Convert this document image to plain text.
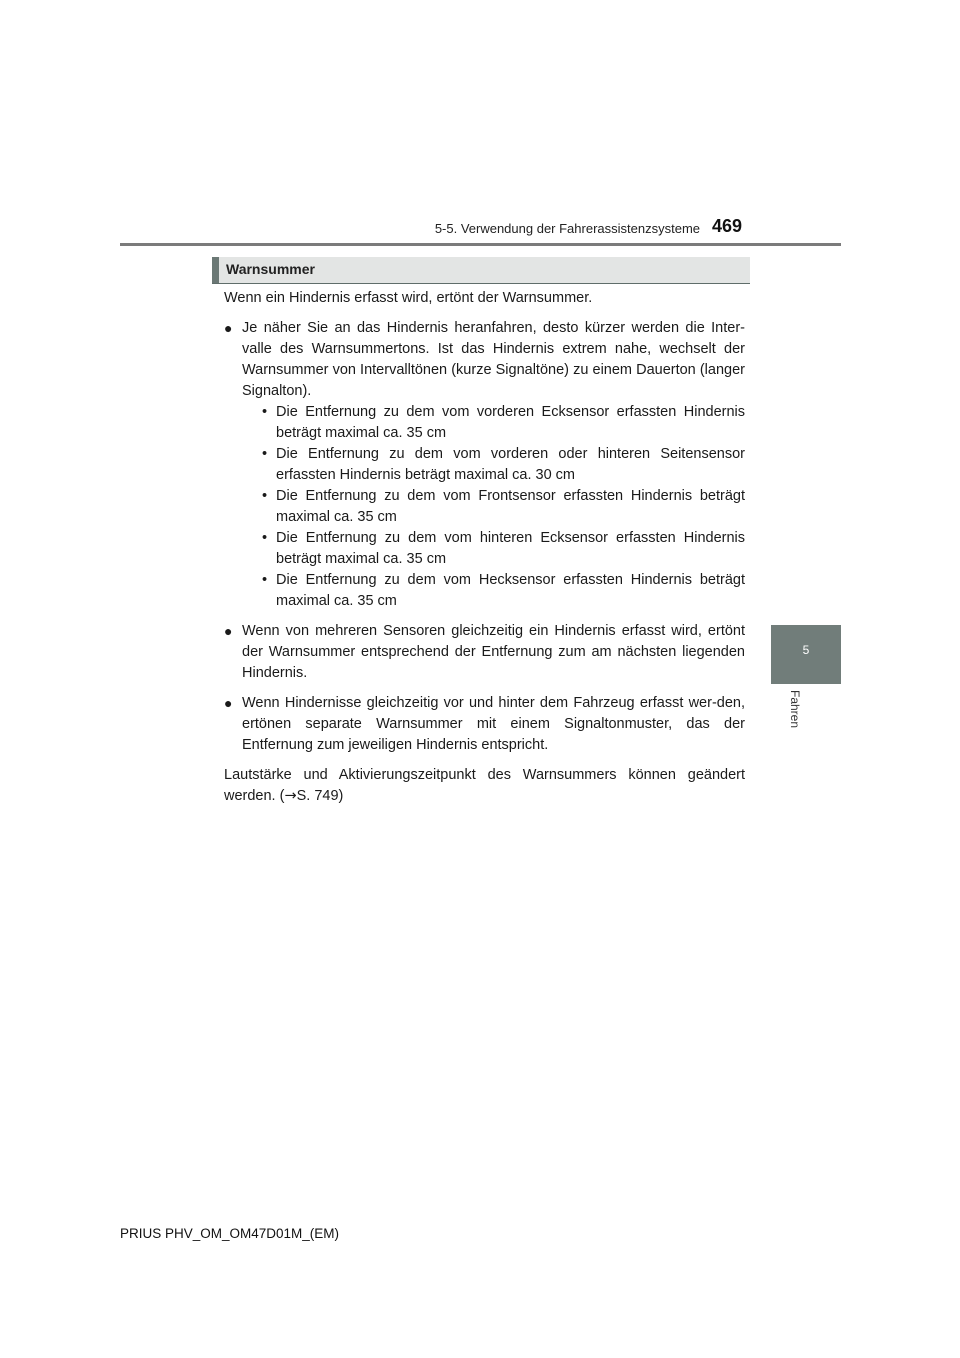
5-5. Verwendung der Fahrerassistenzsysteme 469
5
Fahren
Warnsummer

Wenn ein Hindernis erfasst wird, ertönt der Warnsummer.

● Je näher Sie an das Hindernis heranfahren, desto kürzer werden die Inter-valle des Warnsummertons. Ist das Hindernis extrem nahe, wechselt der Warnsummer von Intervalltönen (kurze Signaltöne) zu einem Dauerton (langer Signalton).
• Die Entfernung zu dem vom vorderen Ecksensor erfassten Hindernis beträgt maximal ca. 35 cm
• Die Entfernung zu dem vom vorderen oder hinteren Seitensensor erfassten Hindernis beträgt maximal ca. 30 cm
• Die Entfernung zu dem vom Frontsensor erfassten Hindernis beträgt maximal ca. 35 cm
• Die Entfernung zu dem vom hinteren Ecksensor erfassten Hindernis beträgt maximal ca. 35 cm
• Die Entfernung zu dem vom Hecksensor erfassten Hindernis beträgt maximal ca. 35 cm
● Wenn von mehreren Sensoren gleichzeitig ein Hindernis erfasst wird, ertönt der Warnsummer entsprechend der Entfernung zum am nächsten liegenden Hindernis.
● Wenn Hindernisse gleichzeitig vor und hinter dem Fahrzeug erfasst wer-den, ertönen separate Warnsummer mit einem Signaltonmuster, das der Entfernung zum jeweiligen Hindernis entspricht.

Lautstärke und Aktivierungszeitpunkt des Warnsummers können geändert werden. (→S. 749)

PRIUS PHV_OM_OM47D01M_(EM)
